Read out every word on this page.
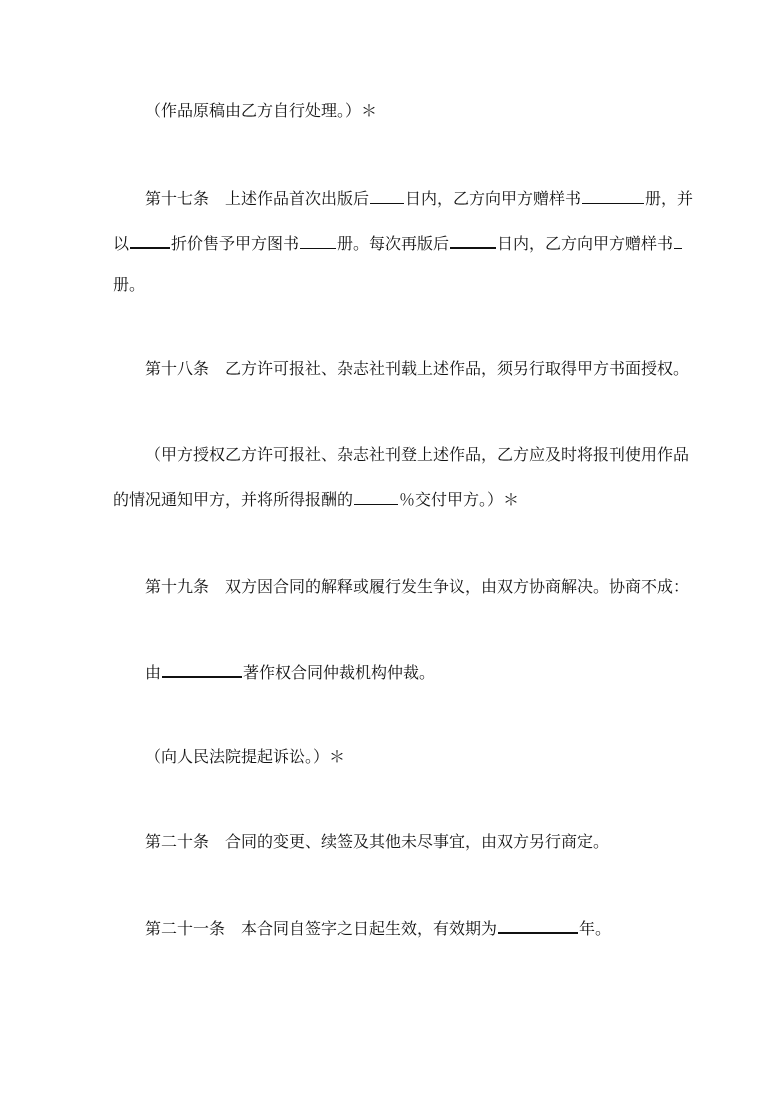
（作品原稿由乙方自行处理。）＊
第十七条　上述作品首次出版后 日内，乙方向甲方赠样书	册，并
以	折价售予甲方图书 册。每次再版后	日内，乙方向甲方赠样书
册。
第十八条　乙方许可报社、杂志社刊载上述作品，须另行取得甲方书面授权。
（甲方授权乙方许可报社、杂志社刊登上述作品，乙方应及时将报刊使用作品
的情况通知甲方，并将所得报酬的	％交付甲方。）＊
第十九条　双方因合同的解释或履行发生争议，由双方协商解决。协商不成：
由	著作权合同仲裁机构仲裁。
（向人民法院提起诉讼。）＊
第二十条　合同的变更、续签及其他未尽事宜，由双方另行商定。
第二十一条　本合同自签字之日起生效，有效期为	年。
